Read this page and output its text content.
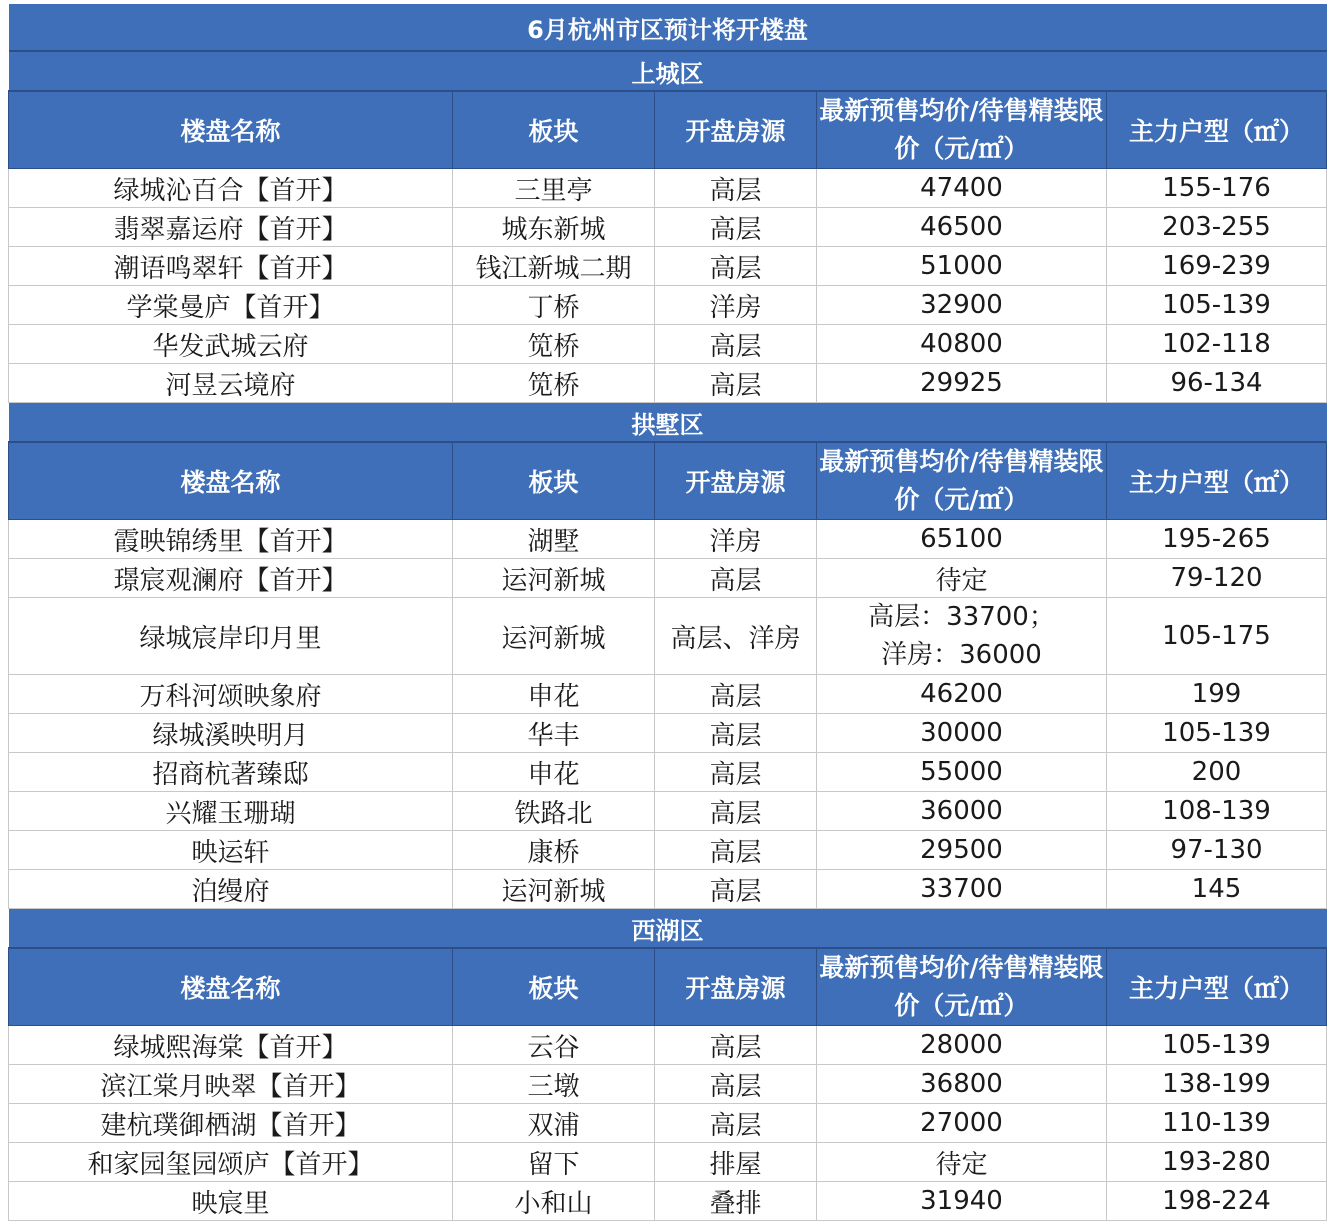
6月杭州市区预计将开楼盘				
上城区				
楼盘名称	板块	开盘房源	最新预售均价/待售精装限价（元/㎡）	主力户型（㎡）
绿城沁百合【首开】	三里亭	高层	47400	155-176
翡翠嘉运府【首开】	城东新城	高层	46500	203-255
潮语鸣翠轩【首开】	钱江新城二期	高层	51000	169-239
学棠曼庐【首开】	丁桥	洋房	32900	105-139
华发武城云府	笕桥	高层	40800	102-118
河昱云境府	笕桥	高层	29925	96-134
拱墅区				
楼盘名称	板块	开盘房源	最新预售均价/待售精装限价（元/㎡）	主力户型（㎡）
霞映锦绣里【首开】	湖墅	洋房	65100	195-265
璟宸观澜府【首开】	运河新城	高层	待定	79-120
绿城宸岸印月里	运河新城	高层、洋房	高层：33700；
洋房：36000	105-175
万科河颂映象府	申花	高层	46200	199
绿城溪映明月	华丰	高层	30000	105-139
招商杭著臻邸	申花	高层	55000	200
兴耀玉珊瑚	铁路北	高层	36000	108-139
映运轩	康桥	高层	29500	97-130
泊缦府	运河新城	高层	33700	145
西湖区				
楼盘名称	板块	开盘房源	最新预售均价/待售精装限价（元/㎡）	主力户型（㎡）
绿城熙海棠【首开】	云谷	高层	28000	105-139
滨江棠月映翠【首开】	三墩	高层	36800	138-199
建杭璞御栖湖【首开】	双浦	高层	27000	110-139
和家园玺园颂庐【首开】	留下	排屋	待定	193-280
映宸里	小和山	叠排	31940	198-224
